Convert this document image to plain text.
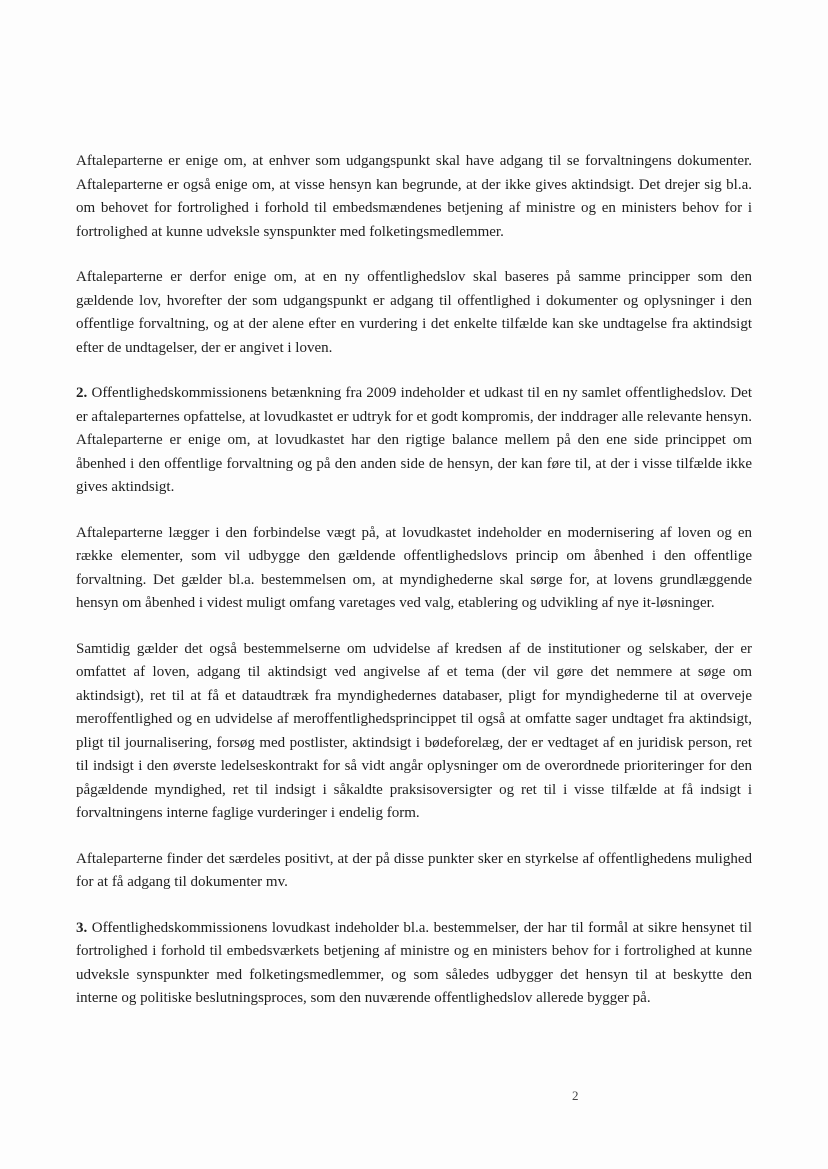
Aftaleparterne er enige om, at enhver som udgangspunkt skal have adgang til se forvaltningens dokumenter. Aftaleparterne er også enige om, at visse hensyn kan begrunde, at der ikke gives aktindsigt. Det drejer sig bl.a. om behovet for fortrolighed i forhold til embedsmændenes betjening af ministre og en ministers behov for i fortrolighed at kunne udveksle synspunkter med folketingsmedlemmer.

Aftaleparterne er derfor enige om, at en ny offentlighedslov skal baseres på samme principper som den gældende lov, hvorefter der som udgangspunkt er adgang til offentlighed i dokumenter og oplysninger i den offentlige forvaltning, og at der alene efter en vurdering i det enkelte tilfælde kan ske undtagelse fra aktindsigt efter de undtagelser, der er angivet i loven.

2. Offentlighedskommissionens betænkning fra 2009 indeholder et udkast til en ny samlet offentlighedslov. Det er aftaleparternes opfattelse, at lovudkastet er udtryk for et godt kompromis, der inddrager alle relevante hensyn. Aftaleparterne er enige om, at lovudkastet har den rigtige balance mellem på den ene side princippet om åbenhed i den offentlige forvaltning og på den anden side de hensyn, der kan føre til, at der i visse tilfælde ikke gives aktindsigt.

Aftaleparterne lægger i den forbindelse vægt på, at lovudkastet indeholder en modernisering af loven og en række elementer, som vil udbygge den gældende offentlighedslovs princip om åbenhed i den offentlige forvaltning. Det gælder bl.a. bestemmelsen om, at myndighederne skal sørge for, at lovens grundlæggende hensyn om åbenhed i videst muligt omfang varetages ved valg, etablering og udvikling af nye it-løsninger.

Samtidig gælder det også bestemmelserne om udvidelse af kredsen af de institutioner og selskaber, der er omfattet af loven, adgang til aktindsigt ved angivelse af et tema (der vil gøre det nemmere at søge om aktindsigt), ret til at få et dataudtræk fra myndighedernes databaser, pligt for myndighederne til at overveje meroffentlighed og en udvidelse af meroffentlighedsprincippet til også at omfatte sager undtaget fra aktindsigt, pligt til journalisering, forsøg med postlister, aktindsigt i bødeforelæg, der er vedtaget af en juridisk person, ret til indsigt i den øverste ledelseskontrakt for så vidt angår oplysninger om de overordnede prioriteringer for den pågældende myndighed, ret til indsigt i såkaldte praksisoversigter og ret til i visse tilfælde at få indsigt i forvaltningens interne faglige vurderinger i endelig form.

Aftaleparterne finder det særdeles positivt, at der på disse punkter sker en styrkelse af offentlighedens mulighed for at få adgang til dokumenter mv.

3. Offentlighedskommissionens lovudkast indeholder bl.a. bestemmelser, der har til formål at sikre hensynet til fortrolighed i forhold til embedsværkets betjening af ministre og en ministers behov for i fortrolighed at kunne udveksle synspunkter med folketingsmedlemmer, og som således udbygger det hensyn til at beskytte den interne og politiske beslutningsproces, som den nuværende offentlighedslov allerede bygger på.

2
